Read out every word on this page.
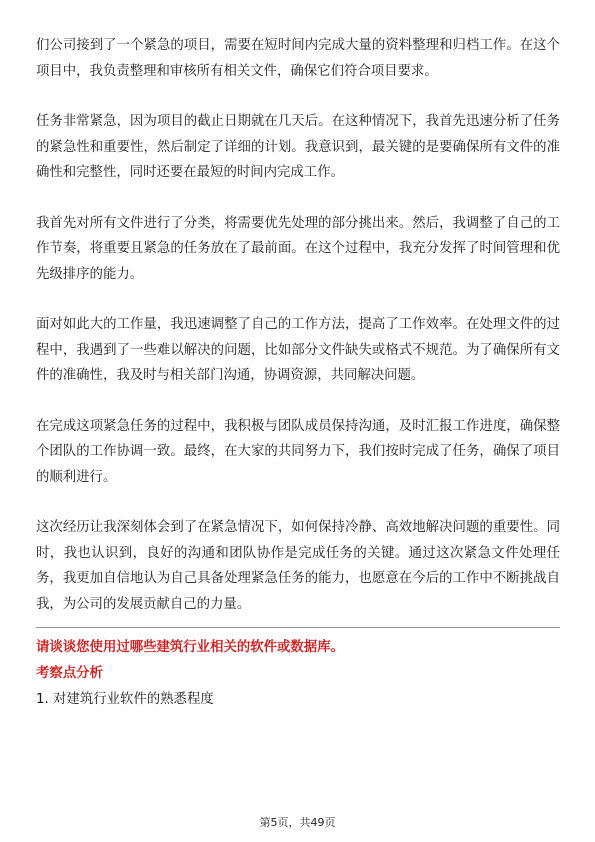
们公司接到了一个紧急的项目，需要在短时间内完成大量的资料整理和归档工作。在这个项目中，我负责整理和审核所有相关文件，确保它们符合项目要求。

任务非常紧急，因为项目的截止日期就在几天后。在这种情况下，我首先迅速分析了任务的紧急性和重要性，然后制定了详细的计划。我意识到，最关键的是要确保所有文件的准确性和完整性，同时还要在最短的时间内完成工作。

我首先对所有文件进行了分类，将需要优先处理的部分挑出来。然后，我调整了自己的工作节奏，将重要且紧急的任务放在了最前面。在这个过程中，我充分发挥了时间管理和优先级排序的能力。

面对如此大的工作量，我迅速调整了自己的工作方法，提高了工作效率。在处理文件的过程中，我遇到了一些难以解决的问题，比如部分文件缺失或格式不规范。为了确保所有文件的准确性，我及时与相关部门沟通，协调资源，共同解决问题。

在完成这项紧急任务的过程中，我积极与团队成员保持沟通，及时汇报工作进度，确保整个团队的工作协调一致。最终，在大家的共同努力下，我们按时完成了任务，确保了项目的顺利进行。

这次经历让我深刻体会到了在紧急情况下，如何保持冷静、高效地解决问题的重要性。同时，我也认识到，良好的沟通和团队协作是完成任务的关键。通过这次紧急文件处理任务，我更加自信地认为自己具备处理紧急任务的能力，也愿意在今后的工作中不断挑战自我，为公司的发展贡献自己的力量。

请谈谈您使用过哪些建筑行业相关的软件或数据库。
考察点分析
1. 对建筑行业软件的熟悉程度
第5页，共49页
